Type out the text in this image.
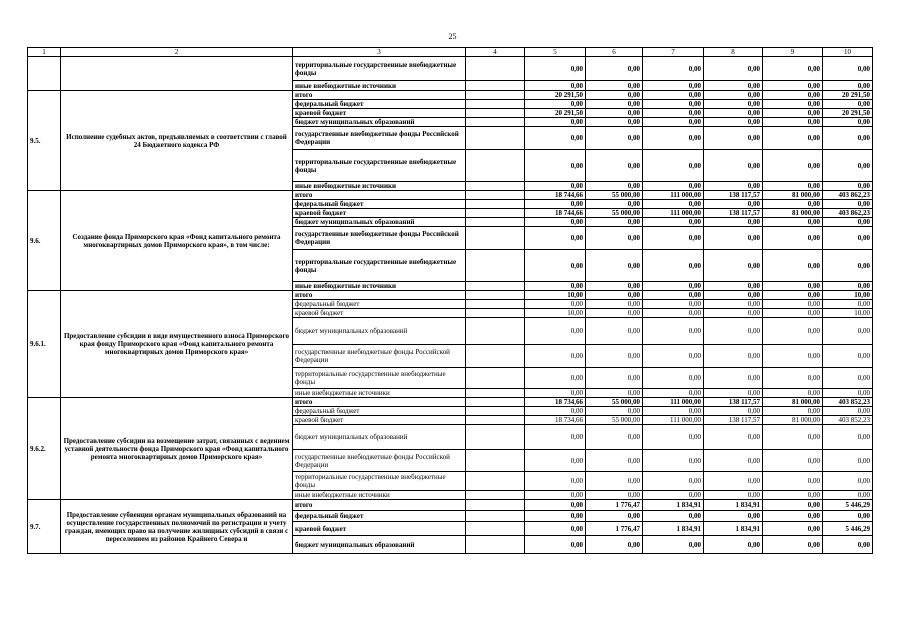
25
1	2	3	4	5	6	7	8	9	10
		территориальные государственные внебюджетные фонды		0,00	0,00	0,00	0,00	0,00	0,00
		иные внебюджетные источники		0,00	0,00	0,00	0,00	0,00	0,00
9.5.	Исполнение судебных актов, предъявляемых в соответствии с главой 24 Бюджетного кодекса РФ	итого		20 291,50	0,00	0,00	0,00	0,00	20 291,50
		федеральный бюджет		0,00	0,00	0,00	0,00	0,00	0,00
		краевой бюджет		20 291,50	0,00	0,00	0,00	0,00	20 291,50
		бюджет муниципальных образований		0,00	0,00	0,00	0,00	0,00	0,00
		государственные внебюджетные фонды Российской Федерации		0,00	0,00	0,00	0,00	0,00	0,00
		территориальные государственные внебюджетные фонды		0,00	0,00	0,00	0,00	0,00	0,00
		иные внебюджетные источники		0,00	0,00	0,00	0,00	0,00	0,00
9.6.	Создание фонда Приморского края «Фонд капитального ремонта многоквартирных домов Приморского края», в том числе:	итого		18 744,66	55 000,00	111 000,00	138 117,57	81 000,00	403 862,23
		федеральный бюджет		0,00	0,00	0,00	0,00	0,00	0,00
		краевой бюджет		18 744,66	55 000,00	111 000,00	138 117,57	81 000,00	403 862,23
		бюджет муниципальных образований		0,00	0,00	0,00	0,00	0,00	0,00
		государственные внебюджетные фонды Российской Федерации		0,00	0,00	0,00	0,00	0,00	0,00
		территориальные государственные внебюджетные фонды		0,00	0,00	0,00	0,00	0,00	0,00
		иные внебюджетные источники		0,00	0,00	0,00	0,00	0,00	0,00
9.6.1.	Предоставление субсидии в виде имущественного взноса Приморского края фонду Приморского края «Фонд капитального ремонта многоквартирных домов Приморского края»	итого		10,00	0,00	0,00	0,00	0,00	10,00
		федеральный бюджет		0,00	0,00	0,00	0,00	0,00	0,00
		краевой бюджет		10,00	0,00	0,00	0,00	0,00	10,00
		бюджет муниципальных образований		0,00	0,00	0,00	0,00	0,00	0,00
		государственные внебюджетные фонды Российской Федерации		0,00	0,00	0,00	0,00	0,00	0,00
		территориальные государственные внебюджетные фонды		0,00	0,00	0,00	0,00	0,00	0,00
		иные внебюджетные источники		0,00	0,00	0,00	0,00	0,00	0,00
9.6.2.	Предоставление субсидии на возмещение затрат, связанных с ведением уставной деятельности фонда Приморского края «Фонд капитального ремонта многоквартирных домов Приморского края»	итого		18 734,66	55 000,00	111 000,00	138 117,57	81 000,00	403 852,23
		федеральный бюджет		0,00	0,00	0,00	0,00	0,00	0,00
		краевой бюджет		18 734,66	55 000,00	111 000,00	138 117,57	81 000,00	403 852,23
		бюджет муниципальных образований		0,00	0,00	0,00	0,00	0,00	0,00
		государственные внебюджетные фонды Российской Федерации		0,00	0,00	0,00	0,00	0,00	0,00
		территориальные государственные внебюджетные фонды		0,00	0,00	0,00	0,00	0,00	0,00
		иные внебюджетные источники		0,00	0,00	0,00	0,00	0,00	0,00
9.7.	Предоставление субвенции органам муниципальных образований на осуществление государственных полномочий по регистрации и учету граждан, имеющих право на получение жилищных субсидий в связи с переселением из районов Крайнего Севера и	итого		0,00	1 776,47	1 834,91	1 834,91	0,00	5 446,29
		федеральный бюджет		0,00	0,00	0,00	0,00	0,00	0,00
		краевой бюджет		0,00	1 776,47	1 834,91	1 834,91	0,00	5 446,29
		бюджет муниципальных образований		0,00	0,00	0,00	0,00	0,00	0,00
